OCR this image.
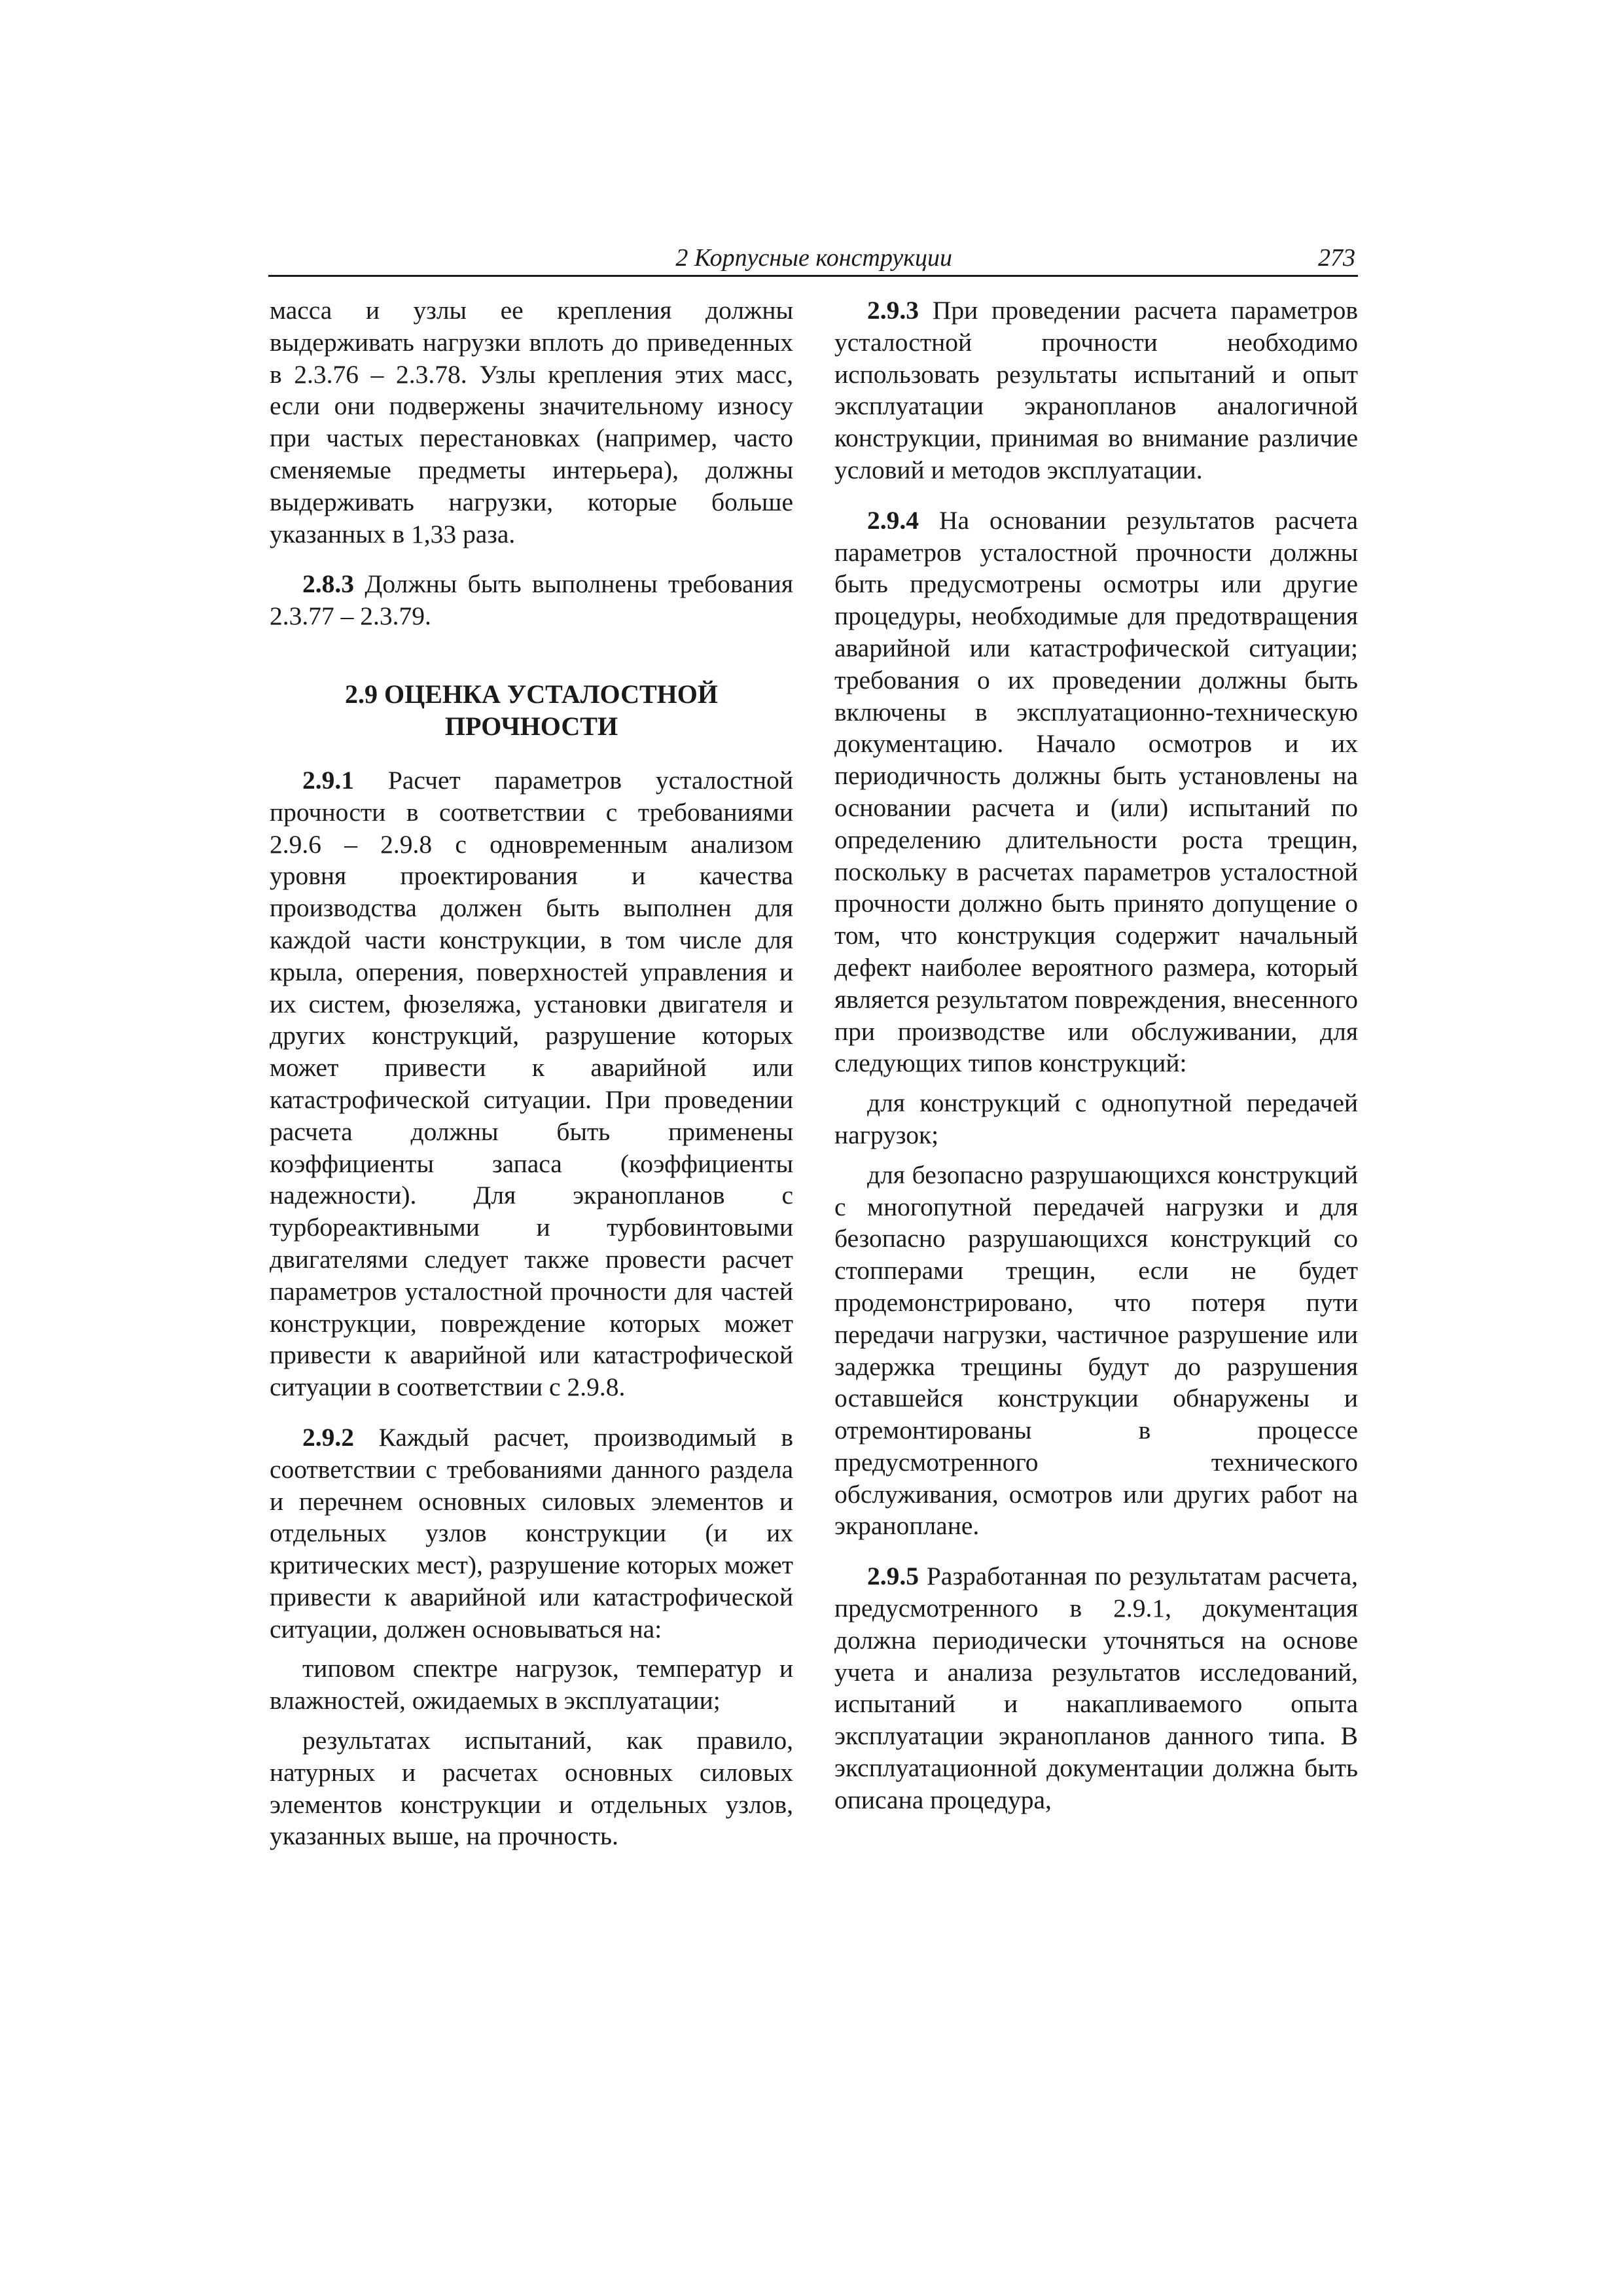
2 Корпусные конструкции	273

масса и узлы ее крепления должны выдерживать нагрузки вплоть до приведенных в 2.3.76 – 2.3.78. Узлы крепления этих масс, если они подвержены значительному износу при частых перестановках (например, часто сменяемые предметы интерьера), должны выдерживать нагрузки, которые больше указанных в 1,33 раза.

2.8.3 Должны быть выполнены требования 2.3.77 – 2.3.79.

2.9 ОЦЕНКА УСТАЛОСТНОЙ ПРОЧНОСТИ

2.9.1 Расчет параметров усталостной прочности в соответствии с требованиями 2.9.6 – 2.9.8 с одновременным анализом уровня проектирования и качества производства должен быть выполнен для каждой части конструкции, в том числе для крыла, оперения, поверхностей управления и их систем, фюзеляжа, установки двигателя и других конструкций, разрушение которых может привести к аварийной или катастрофической ситуации. При проведении расчета должны быть применены коэффициенты запаса (коэффициенты надежности). Для экранопланов с турбореактивными и турбовинтовыми двигателями следует также провести расчет параметров усталостной прочности для частей конструкции, повреждение которых может привести к аварийной или катастрофической ситуации в соответствии с 2.9.8.

2.9.2 Каждый расчет, производимый в соответствии с требованиями данного раздела и перечнем основных силовых элементов и отдельных узлов конструкции (и их критических мест), разрушение которых может привести к аварийной или катастрофической ситуации, должен основываться на:

типовом спектре нагрузок, температур и влажностей, ожидаемых в эксплуатации;

результатах испытаний, как правило, натурных и расчетах основных силовых элементов конструкции и отдельных узлов, указанных выше, на прочность.

2.9.3 При проведении расчета параметров усталостной прочности необходимо использовать результаты испытаний и опыт эксплуатации экранопланов аналогичной конструкции, принимая во внимание различие условий и методов эксплуатации.

2.9.4 На основании результатов расчета параметров усталостной прочности должны быть предусмотрены осмотры или другие процедуры, необходимые для предотвращения аварийной или катастрофической ситуации; требования о их проведении должны быть включены в эксплуатационно-техническую документацию. Начало осмотров и их периодичность должны быть установлены на основании расчета и (или) испытаний по определению длительности роста трещин, поскольку в расчетах параметров усталостной прочности должно быть принято допущение о том, что конструкция содержит начальный дефект наиболее вероятного размера, который является результатом повреждения, внесенного при производстве или обслуживании, для следующих типов конструкций:

для конструкций с однопутной передачей нагрузок;

для безопасно разрушающихся конструкций с многопутной передачей нагрузки и для безопасно разрушающихся конструкций со стопперами трещин, если не будет продемонстрировано, что потеря пути передачи нагрузки, частичное разрушение или задержка трещины будут до разрушения оставшейся конструкции обнаружены и отремонтированы в процессе предусмотренного технического обслуживания, осмотров или других работ на экраноплане.

2.9.5 Разработанная по результатам расчета, предусмотренного в 2.9.1, документация должна периодически уточняться на основе учета и анализа результатов исследований, испытаний и накапливаемого опыта эксплуатации экранопланов данного типа. В эксплуатационной документации должна быть описана процедура,
